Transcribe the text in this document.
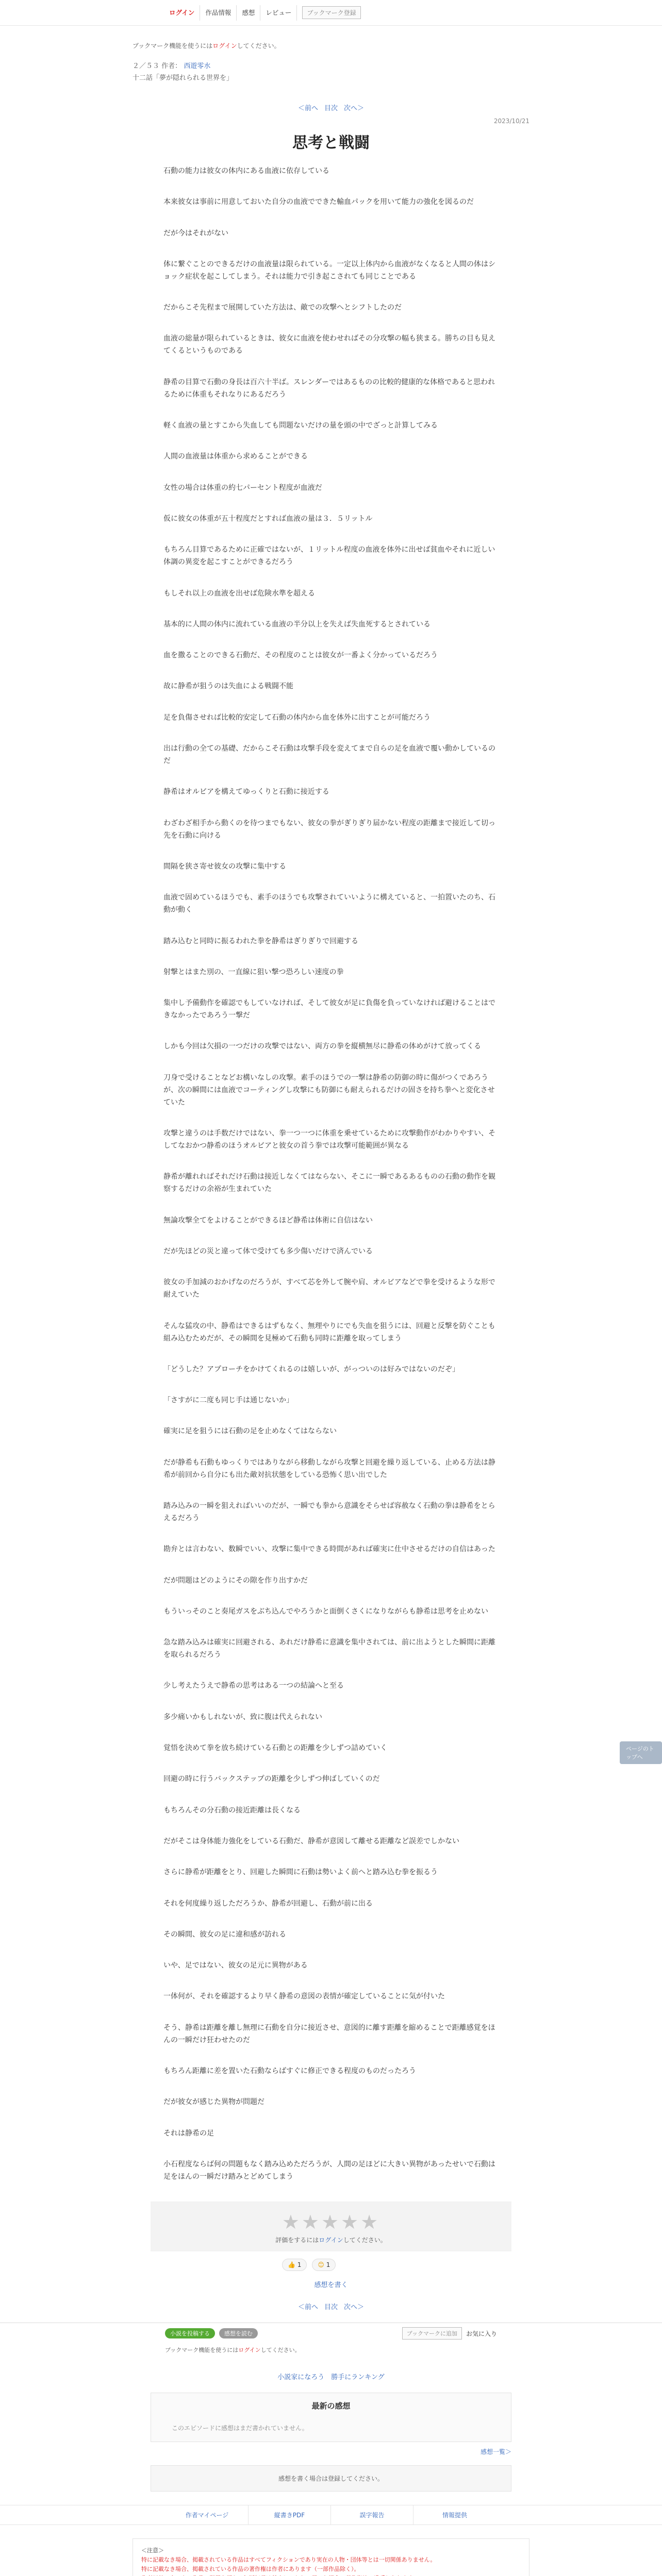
ログイン	作品情報	感想	レビュー	ブックマーク登録
ブックマーク機能を使うにはログインしてください。
２／５３ 作者： 西遊零水
十二話「夢が隠れられる世界を」
＜前へ 目次 次へ＞
2023/10/21
思考と戦闘

石動の能力は彼女の体内にある血液に依存している

本来彼女は事前に用意しておいた自分の血液でできた輸血パックを用いて能力の強化を図るのだ

だが今はそれがない

体に繋ぐことのできるだけの血液量は限られている。一定以上体内から血液がなくなると人間の体はショック症状を起こしてしまう。それは能力で引き起こされても同じことである

だからこそ先程まで展開していた方法は、敵での攻撃へとシフトしたのだ

血液の総量が限られているときは、彼女に血液を使わせればその分攻撃の幅も狭まる。勝ちの目も見えてくるというものである

静希の目算で石動の身長は百六十半ば。スレンダーではあるものの比較的健康的な体格であると思われるために体重もそれなりにあるだろう

軽く血液の量とすこから失血しても問題ないだけの量を頭の中でざっと計算してみる

人間の血液量は体重から求めることができる

女性の場合は体重の約七パーセント程度が血液だ

仮に彼女の体重が五十程度だとすれば血液の量は３．５リットル

もちろん目算であるために正確ではないが、１リットル程度の血液を体外に出せば貧血やそれに近しい体調の異変を起こすことができるだろう

もしそれ以上の血液を出せば危険水準を超える

基本的に人間の体内に流れている血液の半分以上を失えば失血死するとされている

血を撒ることのできる石動だ、その程度のことは彼女が一番よく分かっているだろう

故に静希が狙うのは失血による戦闘不能

足を負傷させれば比較的安定して石動の体内から血を体外に出すことが可能だろう

出は行動の全ての基礎、だからこそ石動は攻撃手段を変えてまで自らの足を血液で覆い動かしているのだ

静希はオルビアを構えてゆっくりと石動に接近する

わざわざ相手から動くのを待つまでもない、彼女の拳がぎりぎり届かない程度の距離まで接近して切っ先を石動に向ける

間隔を狭さ寄せ彼女の攻撃に集中する

血液で固めているほうでも、素手のほうでも攻撃されていいように構えていると、一拍置いたのち、石動が動く

踏み込むと同時に振るわれた拳を静希はぎりぎりで回避する

射撃とはまた別の、一直線に狙い撃つ恐ろしい速度の拳

集中し予備動作を確認でもしていなければ、そして彼女が足に負傷を負っていなければ避けることはできなかったであろう一撃だ

しかも今回は欠損の一つだけの攻撃ではない、両方の拳を縦横無尽に静希の体めがけて放ってくる

刀身で受けることなどお構いなしの攻撃。素手のほうでの一撃は静希の防御の時に傷がつくであろうが、次の瞬間には血液でコーティングし攻撃にも防御にも耐えられるだけの固さを持ち拳へと変化させていた

攻撃と違うのは手数だけではない、拳一つ一つに体重を乗せているために攻撃動作がわかりやすい、そしてなおかつ静希のほうオルビアと彼女の首う拳では攻撃可能範囲が異なる

静希が離れればそれだけ石動は接近しなくてはならない、そこに一瞬であるあるものの石動の動作を観察するだけの余裕が生まれていた

無論攻撃全てをよけることができるほど静希は体術に自信はない

だが先ほどの災と違って体で受けても多少傷いだけで済んでいる

彼女の手加減のおかげなのだろうが、すべて芯を外して腕や肩、オルビアなどで拳を受けるような形で耐えていた

そんな猛攻の中、静希はできるはずもなく、無理やりにでも失血を狙うには、回避と反撃を防ぐことも組み込むためだが、その瞬間を見極めて石動も同時に距離を取ってしまう

「どうした？アプローチをかけてくれるのは嬉しいが、がっついのは好みではないのだぞ」

「さすがに二度も同じ手は通じないか」

確実に足を狙うには石動の足を止めなくてはならない

だが静希も石動もゆっくりではありながら移動しながら攻撃と回避を繰り返している、止める方法は静希が前回から自分にも出た敵対抗状態をしている恐怖く思い出でした

踏み込みの一瞬を狙えればいいのだが、一瞬でも拳から意識をそらせば容赦なく石動の拳は静希をとらえるだろう

勘弁とは言わない、数瞬でいい、攻撃に集中できる時間があれば確実に仕中させるだけの自信はあった

だが問題はどのようにその隙を作り出すかだ

もういっそのこと奏尾ガスをぶち込んでやろうかと面倒くさくになりながらも静希は思考を止めない

急な踏み込みは確実に回避される、あれだけ静希に意識を集中されては、前に出ようとした瞬間に距離を取られるだろう

少し考えたうえで静希の思考はある一つの結論へと至る

多少痛いかもしれないが、致に腹は代えられない

覚悟を決めて拳を放ち続けている石動との距離を少しずつ詰めていく

回避の時に行うバックステップの距離を少しずつ伸ばしていくのだ

もちろんその分石動の接近距離は長くなる

だがそこは身体能力強化をしている石動だ、静希が意図して離せる距離など誤差でしかない

さらに静希が距離をとり、回避した瞬間に石動は勢いよく前へと踏み込む拳を振るう

それを何度繰り返しただろうか、静希が回避し、石動が前に出る

その瞬間、彼女の足に違和感が訪れる

いや、足ではない、彼女の足元に異物がある

一体何が、それを確認するより早く静希の意図の表情が確定していることに気が付いた

そう、静希は距離を離し無理に石動を自分に接近させ、意図的に離す距離を縮めることで距離感覚をほんの一瞬だけ狂わせたのだ

もちろん距離に差を置いた石動ならばすぐに修正できる程度のものだったろう

だが彼女が感じた異物が問題だ

それは静希の足

小石程度ならば何の問題もなく踏み込めただろうが、人間の足ほどに大きい異物があったせいで石動は足をほんの一瞬だけ踏みとどめてしまう

★★★★★
評価をするにはログインしてください。
👍 1	😊 1
感想を書く
＜前へ 目次 次へ＞
小説を投稿する	感想を読む	ブックマークに追加	お気に入り
ブックマーク機能を使うにはログインしてください。
小説家になろう　勝手にランキング
最新の感想
このエピソードに感想はまだ書かれていません。
感想一覧＞
感想を書く場合は登録してください。
作者マイページ	縦書きPDF	誤字報告	情報提供
＜注意＞
特に記載なき場合、掲載されている作品はすべてフィクションであり実在の人物・団体等とは一切関係ありません。
特に記載なき場合、掲載されている作品の著作権は作者にあります（一部作品除く）。
ページのトップへ
